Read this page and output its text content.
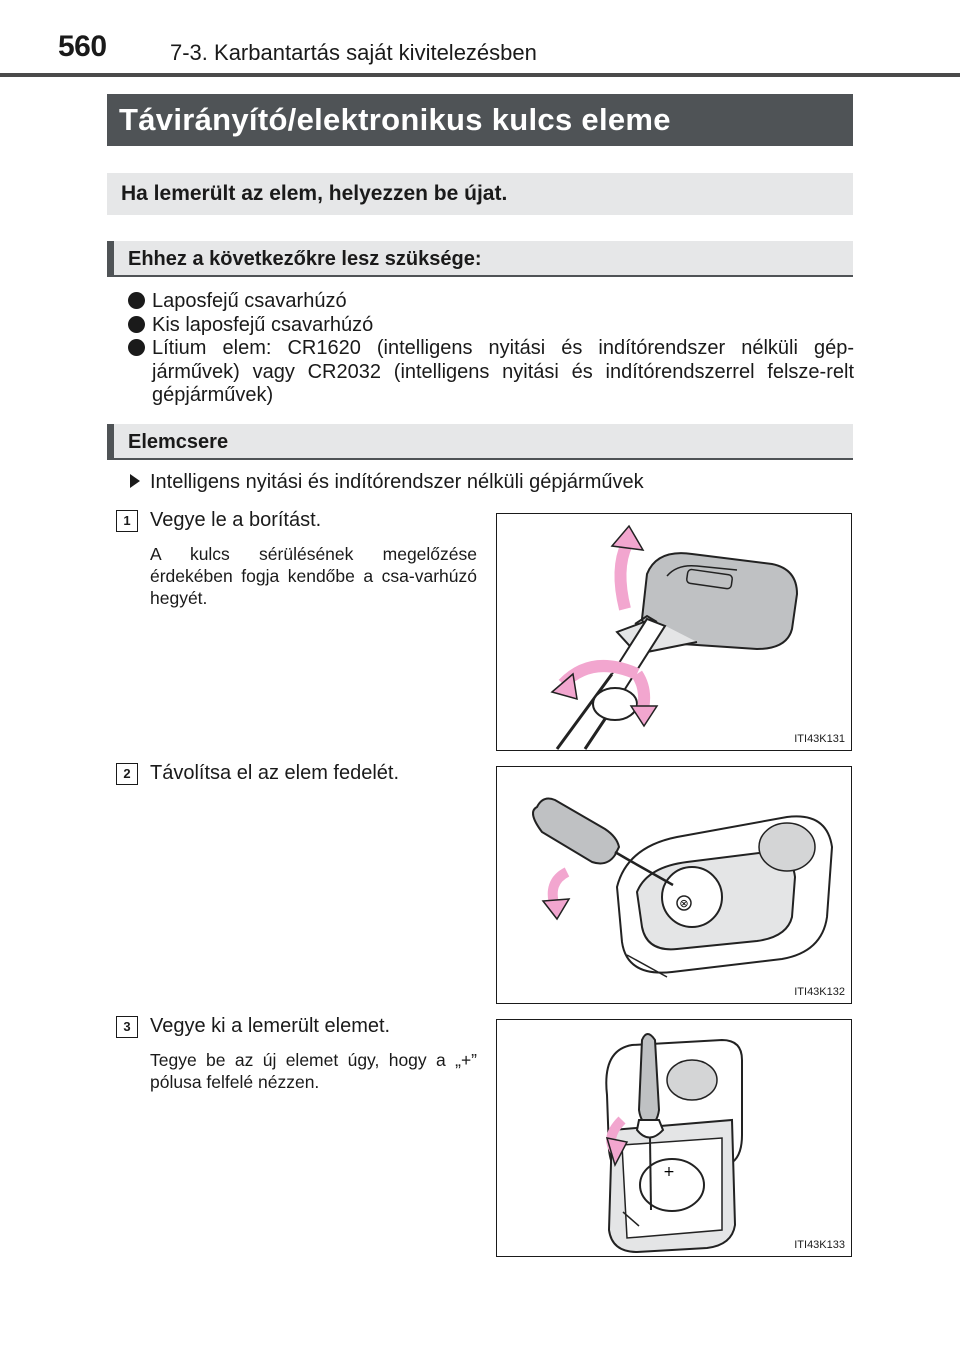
560	7-3. Karbantartás saját kivitelezésben
Távirányító/elektronikus kulcs eleme
Ha lemerült az elem, helyezzen be újat.
Ehhez a következőkre lesz szüksége:
Laposfejű csavarhúzó
Kis laposfejű csavarhúzó
Lítium elem: CR1620 (intelligens nyitási és indítórendszer nélküli gép-járművek) vagy CR2032 (intelligens nyitási és indítórendszerrel felsze-relt gépjárművek)
Elemcsere
Intelligens nyitási és indítórendszer nélküli gépjárművek
1 Vegye le a borítást.
A kulcs sérülésének megelőzése érdekében fogja kendőbe a csa-varhúzó hegyét.
ITI43K131
2 Távolítsa el az elem fedelét.
⊗
ITI43K132
3 Vegye ki a lemerült elemet.
Tegye be az új elemet úgy, hogy a „+” pólusa felfelé nézzen.
+
ITI43K133
